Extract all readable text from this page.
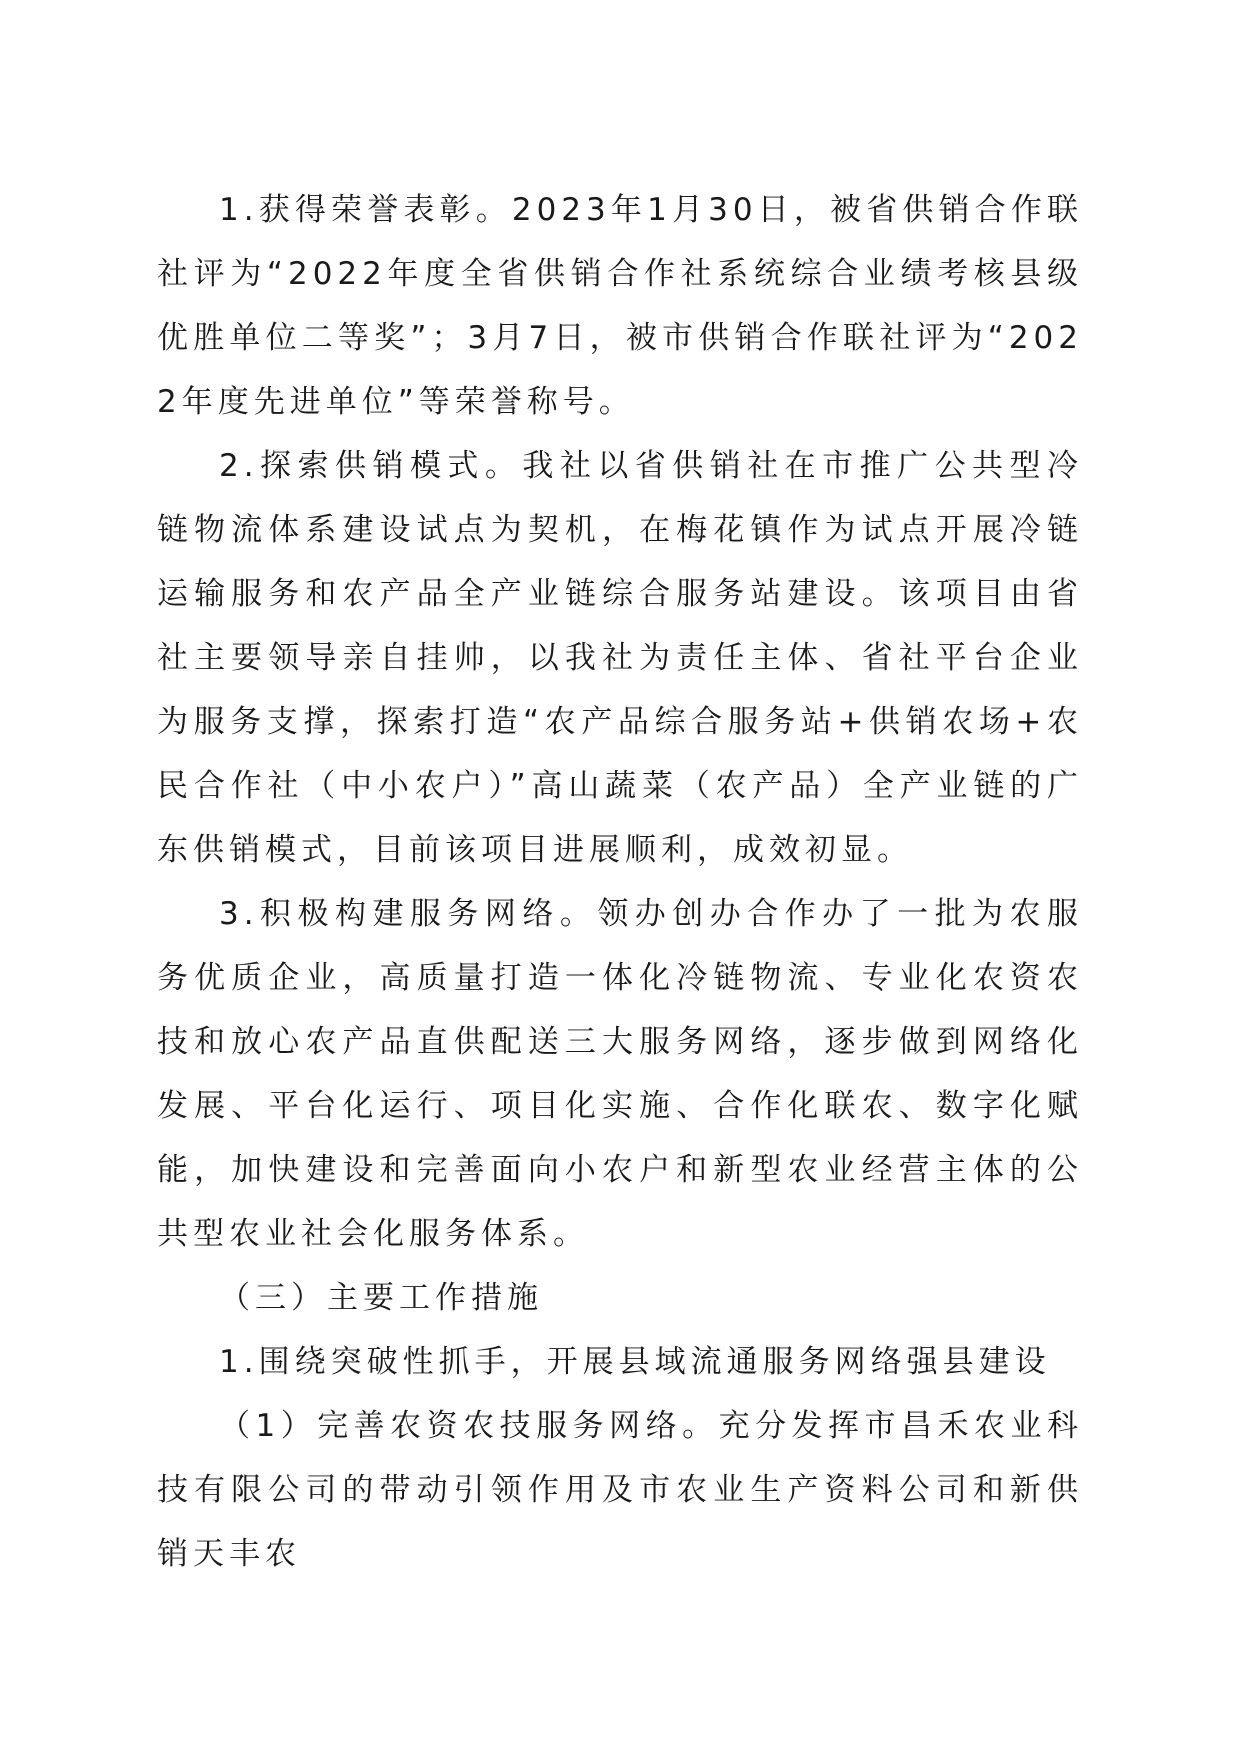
1.获得荣誉表彰。2023年1月30日，被省供销合作联社评为“2022年度全省供销合作社系统综合业绩考核县级优胜单位二等奖”；3月7日，被市供销合作联社评为“2022年度先进单位”等荣誉称号。

2.探索供销模式。我社以省供销社在市推广公共型冷链物流体系建设试点为契机，在梅花镇作为试点开展冷链运输服务和农产品全产业链综合服务站建设。该项目由省社主要领导亲自挂帅，以我社为责任主体、省社平台企业为服务支撑，探索打造“农产品综合服务站+供销农场+农民合作社（中小农户）”高山蔬菜（农产品）全产业链的广东供销模式，目前该项目进展顺利，成效初显。

3.积极构建服务网络。领办创办合作办了一批为农服务优质企业，高质量打造一体化冷链物流、专业化农资农技和放心农产品直供配送三大服务网络，逐步做到网络化发展、平台化运行、项目化实施、合作化联农、数字化赋能，加快建设和完善面向小农户和新型农业经营主体的公共型农业社会化服务体系。

（三）主要工作措施

1.围绕突破性抓手，开展县域流通服务网络强县建设

（1）完善农资农技服务网络。充分发挥市昌禾农业科技有限公司的带动引领作用及市农业生产资料公司和新供销天丰农
